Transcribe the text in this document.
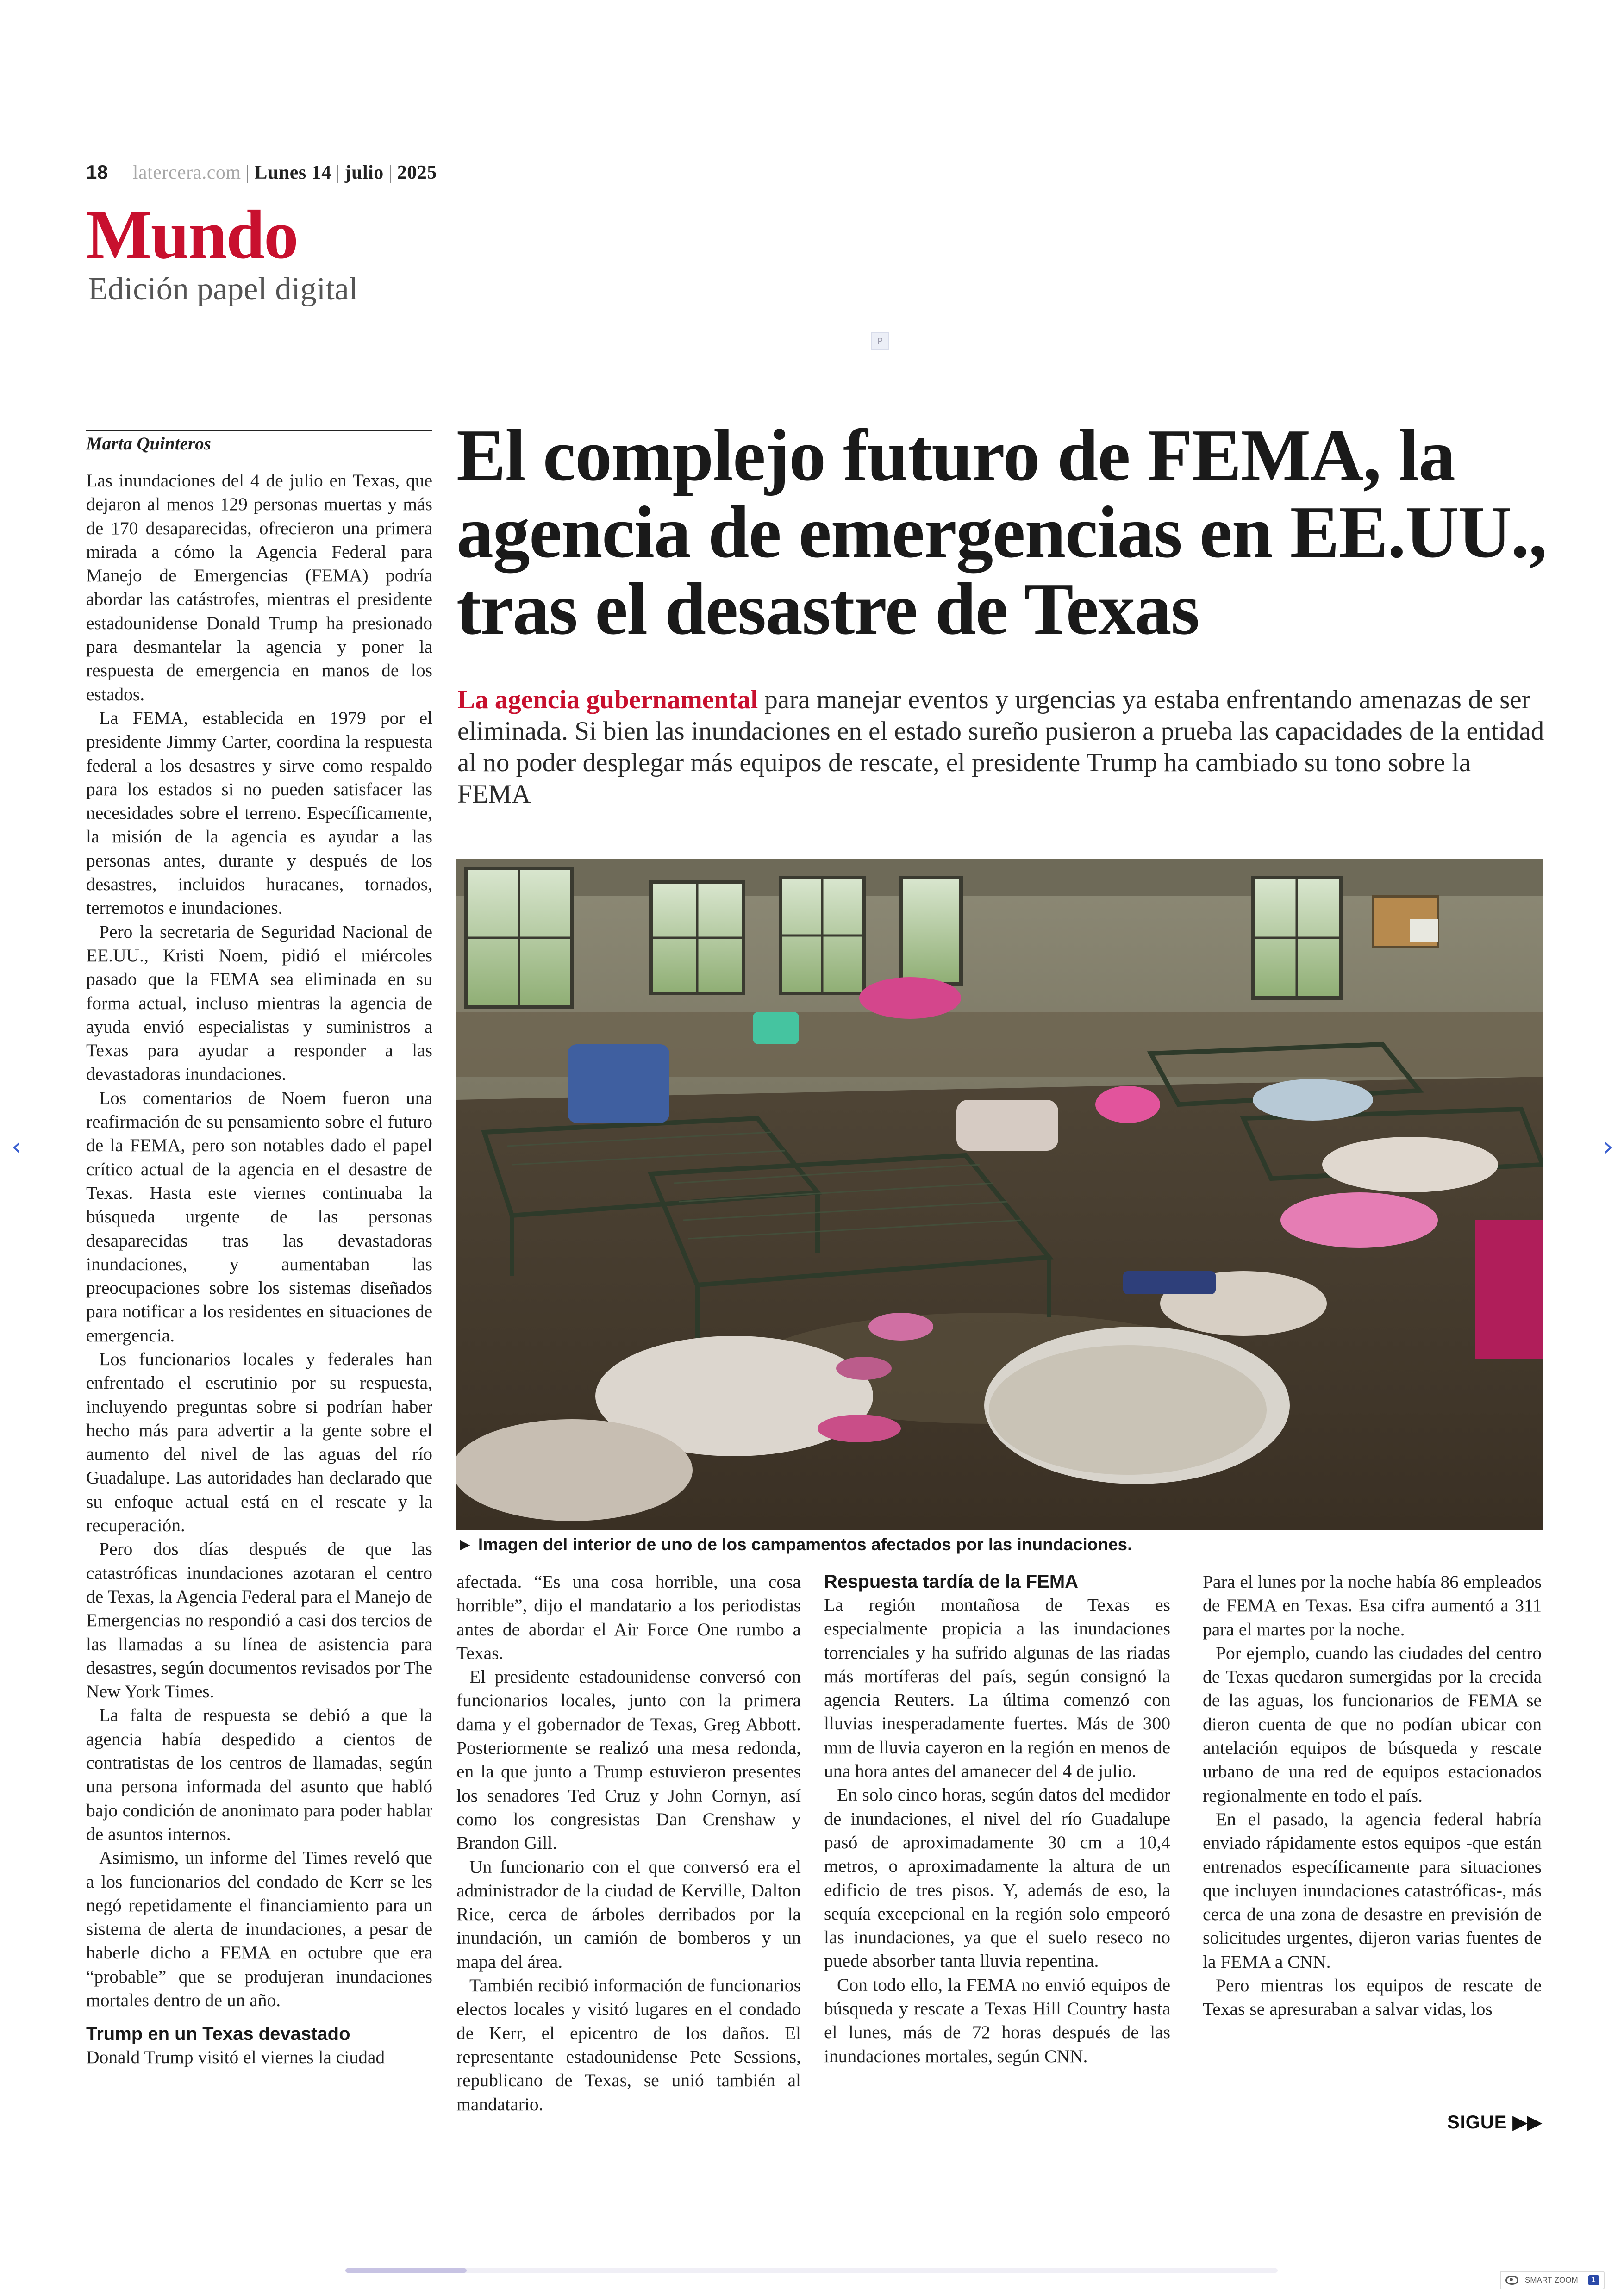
18 latercera.com | Lunes 14 | julio | 2025
Mundo
Edición papel digital
P
Marta Quinteros	El complejo futuro de FEMA, la agencia de emergencias en EE.UU., tras el desastre de Texas

La agencia gubernamental para manejar eventos y urgencias ya estaba enfrentando amenazas de ser eliminada. Si bien las inundaciones en el estado sureño pusieron a prueba las capacidades de la entidad al no poder desplegar más equipos de rescate, el presidente Trump ha cambiado su tono sobre la FEMA

► Imagen del interior de uno de los campamentos afectados por las inundaciones.

Las inundaciones del 4 de julio en Texas, que dejaron al menos 129 personas muertas y más de 170 desaparecidas, ofrecieron una primera mirada a cómo la Agencia Federal para Manejo de Emergencias (FEMA) podría abordar las catástrofes, mientras el presidente estadounidense Donald Trump ha presionado para desmantelar la agencia y poner la respuesta de emergencia en manos de los estados.

La FEMA, establecida en 1979 por el presidente Jimmy Carter, coordina la respuesta federal a los desastres y sirve como respaldo para los estados si no pueden satisfacer las necesidades sobre el terreno. Específicamente, la misión de la agencia es ayudar a las personas antes, durante y después de los desastres, incluidos huracanes, tornados, terremotos e inundaciones.

Pero la secretaria de Seguridad Nacional de EE.UU., Kristi Noem, pidió el miércoles pasado que la FEMA sea eliminada en su forma actual, incluso mientras la agencia de ayuda envió especialistas y suministros a Texas para ayudar a responder a las devastadoras inundaciones.

Los comentarios de Noem fueron una reafirmación de su pensamiento sobre el futuro de la FEMA, pero son notables dado el papel crítico actual de la agencia en el desastre de Texas. Hasta este viernes continuaba la búsqueda urgente de las personas desaparecidas tras las devastadoras inundaciones, y aumentaban las preocupaciones sobre los sistemas diseñados para notificar a los residentes en situaciones de emergencia.

Los funcionarios locales y federales han enfrentado el escrutinio por su respuesta, incluyendo preguntas sobre si podrían haber hecho más para advertir a la gente sobre el aumento del nivel de las aguas del río Guadalupe. Las autoridades han declarado que su enfoque actual está en el rescate y la recuperación.

Pero dos días después de que las catastróficas inundaciones azotaran el centro de Texas, la Agencia Federal para el Manejo de Emergencias no respondió a casi dos tercios de las llamadas a su línea de asistencia para desastres, según documentos revisados por The New York Times.

La falta de respuesta se debió a que la agencia había despedido a cientos de contratistas de los centros de llamadas, según una persona informada del asunto que habló bajo condición de anonimato para poder hablar de asuntos internos.

Asimismo, un informe del Times reveló que a los funcionarios del condado de Kerr se les negó repetidamente el financiamiento para un sistema de alerta de inundaciones, a pesar de haberle dicho a FEMA en octubre que era “probable” que se produjeran inundaciones mortales dentro de un año.

Trump en un Texas devastado

Donald Trump visitó el viernes la ciudad

afectada. “Es una cosa horrible, una cosa horrible”, dijo el mandatario a los periodistas antes de abordar el Air Force One rumbo a Texas.

El presidente estadounidense conversó con funcionarios locales, junto con la primera dama y el gobernador de Texas, Greg Abbott. Posteriormente se realizó una mesa redonda, en la que junto a Trump estuvieron presentes los senadores Ted Cruz y John Cornyn, así como los congresistas Dan Crenshaw y Brandon Gill.

Un funcionario con el que conversó era el administrador de la ciudad de Kerville, Dalton Rice, cerca de árboles derribados por la inundación, un camión de bomberos y un mapa del área.

También recibió información de funcionarios electos locales y visitó lugares en el condado de Kerr, el epicentro de los daños. El representante estadounidense Pete Sessions, republicano de Texas, se unió también al mandatario.

Respuesta tardía de la FEMA

La región montañosa de Texas es especialmente propicia a las inundaciones torrenciales y ha sufrido algunas de las riadas más mortíferas del país, según consignó la agencia Reuters. La última comenzó con lluvias inesperadamente fuertes. Más de 300 mm de lluvia cayeron en la región en menos de una hora antes del amanecer del 4 de julio.

En solo cinco horas, según datos del medidor de inundaciones, el nivel del río Guadalupe pasó de aproximadamente 30 cm a 10,4 metros, o aproximadamente la altura de un edificio de tres pisos. Y, además de eso, la sequía excepcional en la región solo empeoró las inundaciones, ya que el suelo reseco no puede absorber tanta lluvia repentina.

Con todo ello, la FEMA no envió equipos de búsqueda y rescate a Texas Hill Country hasta el lunes, más de 72 horas después de las inundaciones mortales, según CNN.

Para el lunes por la noche había 86 empleados de FEMA en Texas. Esa cifra aumentó a 311 para el martes por la noche.

Por ejemplo, cuando las ciudades del centro de Texas quedaron sumergidas por la crecida de las aguas, los funcionarios de FEMA se dieron cuenta de que no podían ubicar con antelación equipos de búsqueda y rescate urbano de una red de equipos estacionados regionalmente en todo el país.

En el pasado, la agencia federal habría enviado rápidamente estos equipos -que están entrenados específicamente para situaciones que incluyen inundaciones catastróficas-, más cerca de una zona de desastre en previsión de solicitudes urgentes, dijeron varias fuentes de la FEMA a CNN.

Pero mientras los equipos de rescate de Texas se apresuraban a salvar vidas, los

SIGUE ▶▶
‹	›
SMART ZOOM	1
